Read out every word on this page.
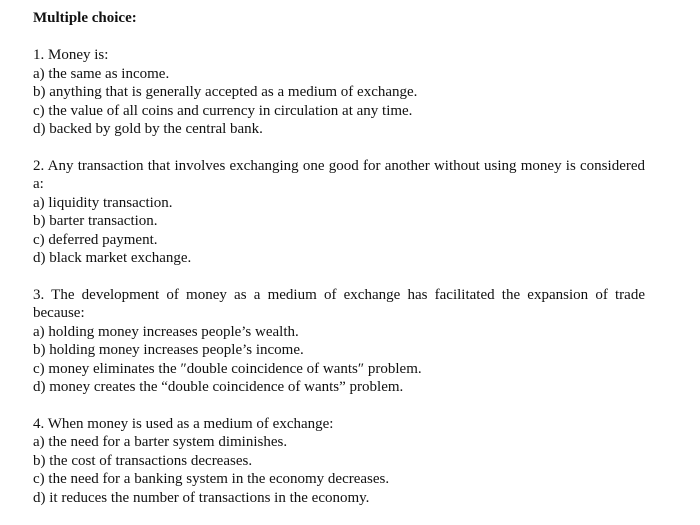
Multiple choice:
1. Money is:
a) the same as income.
b) anything that is generally accepted as a medium of exchange.
c) the value of all coins and currency in circulation at any time.
d) backed by gold by the central bank.
2. Any transaction that involves exchanging one good for another without using money is considered a:
a) liquidity transaction.
b) barter transaction.
c) deferred payment.
d) black market exchange.
3. The development of money as a medium of exchange has facilitated the expansion of trade because:
a) holding money increases people’s wealth.
b) holding money increases people’s income.
c) money eliminates the ″double coincidence of wants″ problem.
d) money creates the “double coincidence of wants” problem.
4. When money is used as a medium of exchange:
a) the need for a barter system diminishes.
b) the cost of transactions decreases.
c) the need for a banking system in the economy decreases.
d) it reduces the number of transactions in the economy.
